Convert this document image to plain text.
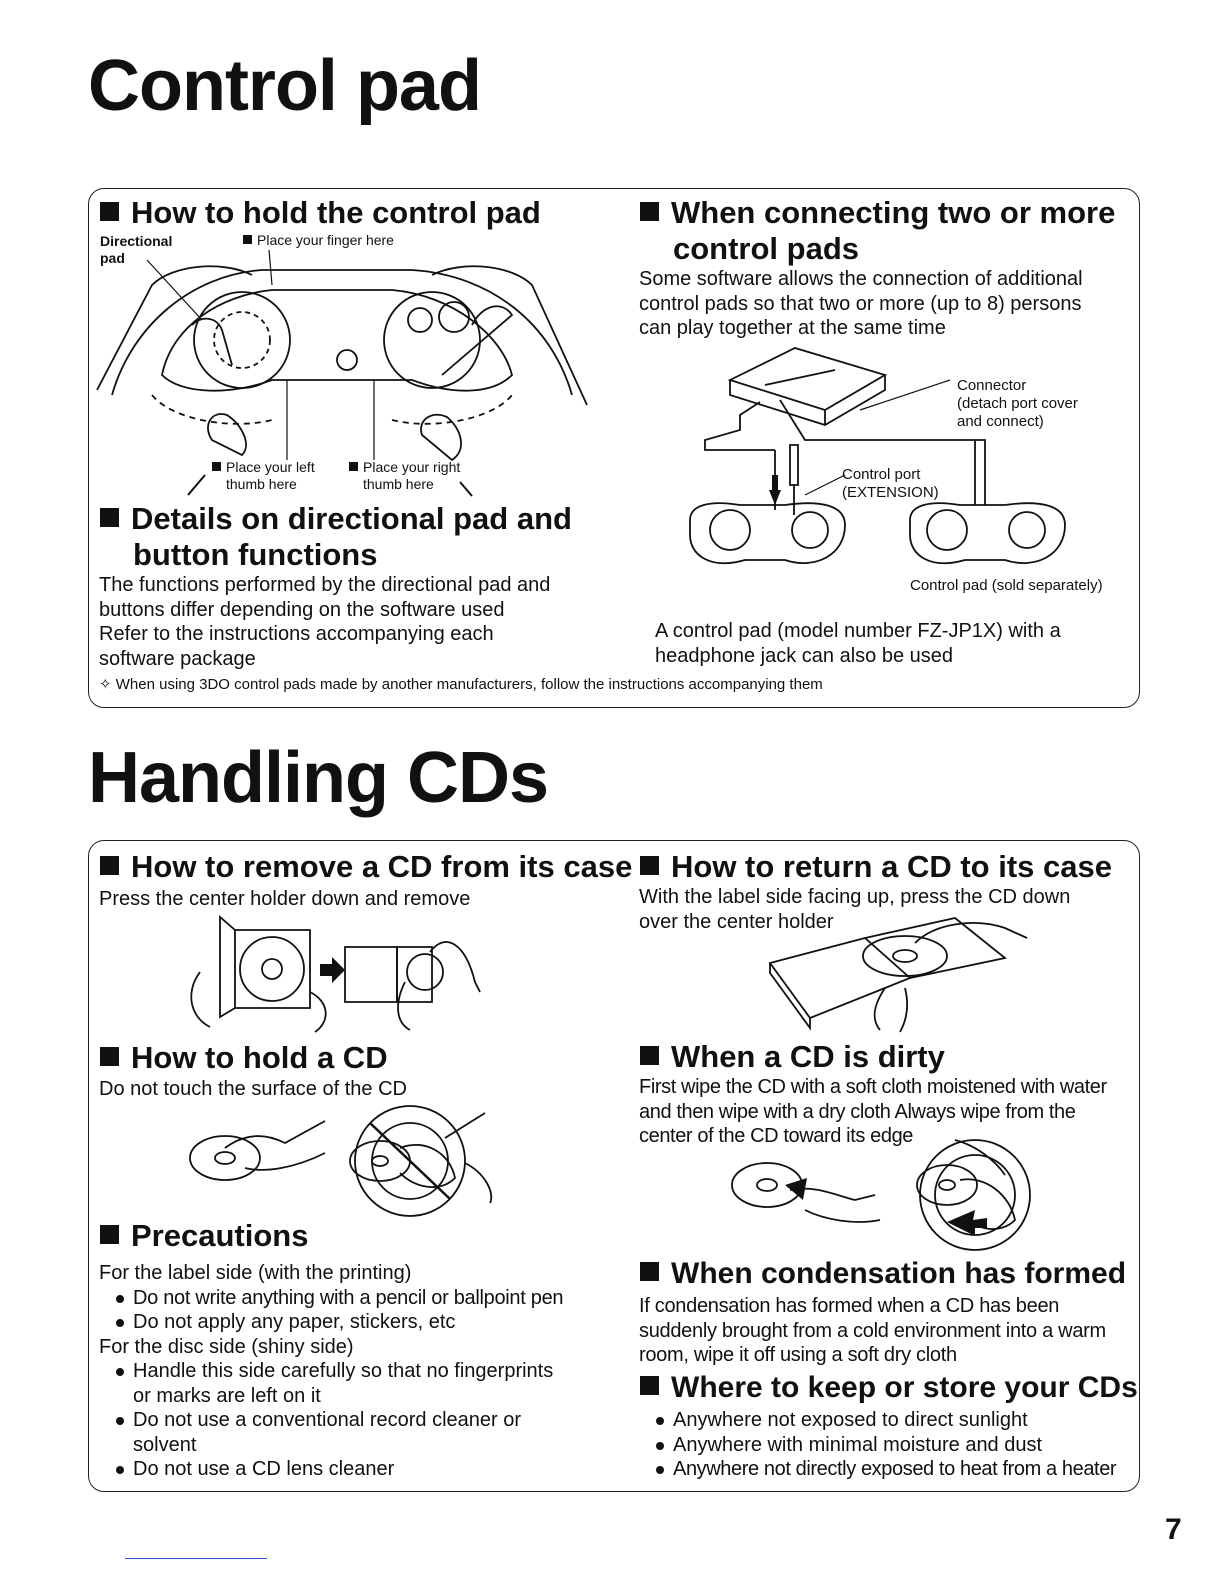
Control pad
Handling CDs
How to hold the control pad
Directional
pad
Place your finger here
Place your left
thumb here
Place your right
thumb here
Details on directional pad and
button functions

The functions performed by the directional pad and

buttons differ depending on the software used

Refer to the instructions accompanying each

software package

When connecting two or more
control pads

Some software allows the connection of additional

control pads so that two or more (up to 8) persons

can play together at the same time

Connector
(detach port cover
and connect)
Control port
(EXTENSION)
Control pad (sold separately)

A control pad (model number FZ-JP1X) with a

headphone jack can also be used

✧ When using 3DO control pads made by another manufacturers, follow the instructions accompanying them
How to remove a CD from its case
Press the center holder down and remove
How to return a CD to its case

With the label side facing up, press the CD down

over the center holder

How to hold a CD
Do not touch the surface of the CD
When a CD is dirty

First wipe the CD with a soft cloth moistened with water

and then wipe with a dry cloth Always wipe from the

center of the CD toward its edge

Precautions

For the label side (with the printing)

Do not write anything with a pencil or ballpoint pen

Do not apply any paper, stickers, etc

For the disc side (shiny side)

Handle this side carefully so that no fingerprints

or marks are left on it

Do not use a conventional record cleaner or

solvent

Do not use a CD lens cleaner

When condensation has formed

If condensation has formed when a CD has been

suddenly brought from a cold environment into a warm

room, wipe it off using a soft dry cloth

Where to keep or store your CDs

Anywhere not exposed to direct sunlight

Anywhere with minimal moisture and dust

Anywhere not directly exposed to heat from a heater

7
